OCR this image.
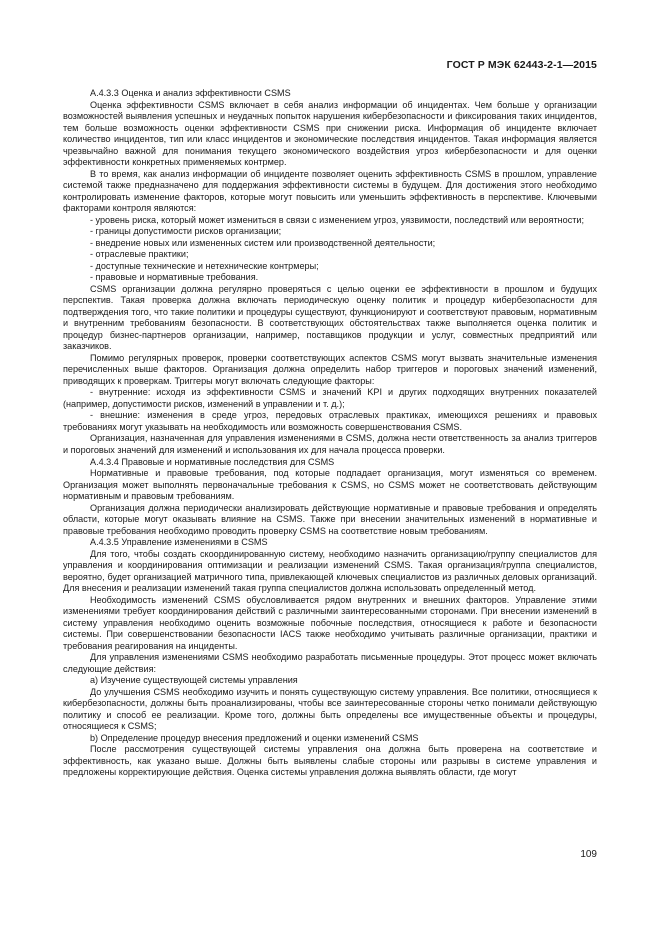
ГОСТ Р МЭК 62443-2-1—2015

А.4.3.3 Оценка и анализ эффективности CSMS

Оценка эффективности CSMS включает в себя анализ информации об инцидентах. Чем больше у организации возможностей выявления успешных и неудачных попыток нарушения кибербезопасности и фиксирования таких инцидентов, тем больше возможность оценки эффективности CSMS при снижении риска. Информация об инциденте включает количество инцидентов, тип или класс инцидентов и экономические последствия инцидентов. Такая информация является чрезвычайно важной для понимания текущего экономического воздействия угроз кибербезопасности и для оценки эффективности конкретных применяемых контрмер.

В то время, как анализ информации об инциденте позволяет оценить эффективность CSMS в прошлом, управление системой также предназначено для поддержания эффективности системы в будущем. Для достижения этого необходимо контролировать изменение факторов, которые могут повысить или уменьшить эффективность в перспективе. Ключевыми факторами контроля являются:

- уровень риска, который может измениться в связи с изменением угроз, уязвимости, последствий или вероятности;

- границы допустимости рисков организации;

- внедрение новых или измененных систем или производственной деятельности;

- отраслевые практики;

- доступные технические и нетехнические контрмеры;

- правовые и нормативные требования.

CSMS организации должна регулярно проверяться с целью оценки ее эффективности в прошлом и будущих перспектив. Такая проверка должна включать периодическую оценку политик и процедур кибербезопасности для подтверждения того, что такие политики и процедуры существуют, функционируют и соответствуют правовым, нормативным и внутренним требованиям безопасности. В соответствующих обстоятельствах также выполняется оценка политик и процедур бизнес-партнеров организации, например, поставщиков продукции и услуг, совместных предприятий или заказчиков.

Помимо регулярных проверок, проверки соответствующих аспектов CSMS могут вызвать значительные изменения перечисленных выше факторов. Организация должна определить набор триггеров и пороговых значений изменений, приводящих к проверкам. Триггеры могут включать следующие факторы:

- внутренние: исходя из эффективности CSMS и значений KPI и других подходящих внутренних показателей (например, допустимости рисков, изменений в управлении и т. д.);

- внешние: изменения в среде угроз, передовых отраслевых практиках, имеющихся решениях и правовых требованиях могут указывать на необходимость или возможность совершенствования CSMS.

Организация, назначенная для управления изменениями в CSMS, должна нести ответственность за анализ триггеров и пороговых значений для изменений и использования их для начала процесса проверки.

А.4.3.4 Правовые и нормативные последствия для CSMS

Нормативные и правовые требования, под которые подпадает организация, могут изменяться со временем. Организация может выполнять первоначальные требования к CSMS, но CSMS может не соответствовать действующим нормативным и правовым требованиям.

Организация должна периодически анализировать действующие нормативные и правовые требования и определять области, которые могут оказывать влияние на CSMS. Также при внесении значительных изменений в нормативные и правовые требования необходимо проводить проверку CSMS на соответствие новым требованиям.

А.4.3.5 Управление изменениями в CSMS

Для того, чтобы создать скоординированную систему, необходимо назначить организацию/группу специалистов для управления и координирования оптимизации и реализации изменений CSMS. Такая организация/группа специалистов, вероятно, будет организацией матричного типа, привлекающей ключевых специалистов из различных деловых организаций. Для внесения и реализации изменений такая группа специалистов должна использовать определенный метод.

Необходимость изменений CSMS обусловливается рядом внутренних и внешних факторов. Управление этими изменениями требует координирования действий с различными заинтересованными сторонами. При внесении изменений в систему управления необходимо оценить возможные побочные последствия, относящиеся к работе и безопасности системы. При совершенствовании безопасности IACS также необходимо учитывать различные организации, практики и требования реагирования на инциденты.

Для управления изменениями CSMS необходимо разработать письменные процедуры. Этот процесс может включать следующие действия:

a) Изучение существующей системы управления

До улучшения CSMS необходимо изучить и понять существующую систему управления. Все политики, относящиеся к кибербезопасности, должны быть проанализированы, чтобы все заинтересованные стороны четко понимали действующую политику и способ ее реализации. Кроме того, должны быть определены все имущественные объекты и процедуры, относящиеся к CSMS;

b) Определение процедур внесения предложений и оценки изменений CSMS

После рассмотрения существующей системы управления она должна быть проверена на соответствие и эффективность, как указано выше. Должны быть выявлены слабые стороны или разрывы в системе управления и предложены корректирующие действия. Оценка системы управления должна выявлять области, где могут

109
